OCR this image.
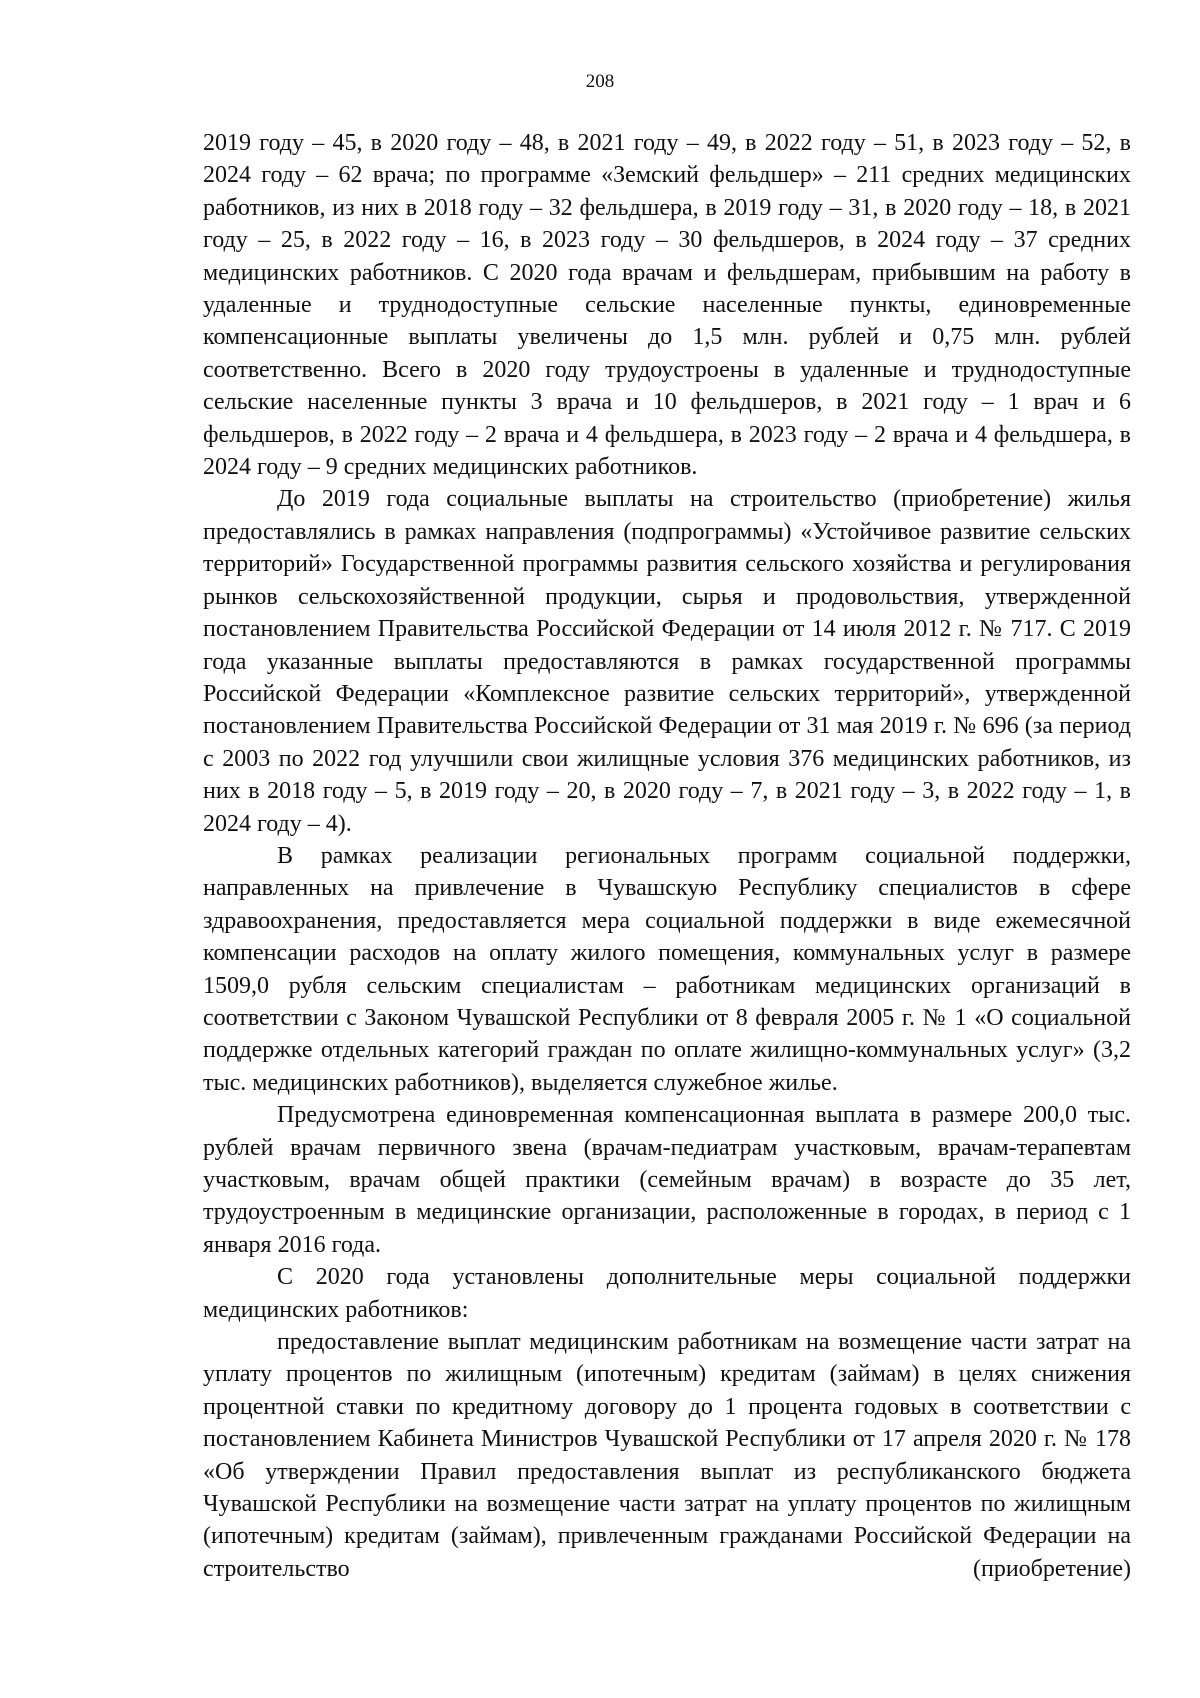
208

2019 году – 45, в 2020 году – 48, в 2021 году – 49, в 2022 году – 51, в 2023 году – 52, в 2024 году – 62 врача; по программе «Земский фельдшер» – 211 средних медицинских работников, из них в 2018 году – 32 фельдшера, в 2019 году – 31, в 2020 году – 18, в 2021 году – 25, в 2022 году – 16, в 2023 году – 30 фельдшеров, в 2024 году – 37 средних медицинских работников. С 2020 года врачам и фельдшерам, прибывшим на работу в удаленные и труднодоступные сельские населенные пункты, единовременные компенсационные выплаты увеличены до 1,5 млн. рублей и 0,75 млн. рублей соответственно. Всего в 2020 году трудоустроены в удаленные и труднодоступные сельские населенные пункты 3 врача и 10 фельдшеров, в 2021 году – 1 врач и 6 фельдшеров, в 2022 году – 2 врача и 4 фельдшера, в 2023 году – 2 врача и 4 фельдшера, в 2024 году – 9 средних медицинских работников.

До 2019 года социальные выплаты на строительство (приобретение) жилья предоставлялись в рамках направления (подпрограммы) «Устойчивое развитие сельских территорий» Государственной программы развития сельского хозяйства и регулирования рынков сельскохозяйственной продукции, сырья и продовольствия, утвержденной постановлением Правительства Российской Федерации от 14 июля 2012 г. № 717. С 2019 года указанные выплаты предоставляются в рамках государственной программы Российской Федерации «Комплексное развитие сельских территорий», утвержденной постановлением Правительства Российской Федерации от 31 мая 2019 г. № 696 (за период с 2003 по 2022 год улучшили свои жилищные условия 376 медицинских работников, из них в 2018 году – 5, в 2019 году – 20, в 2020 году – 7, в 2021 году – 3, в 2022 году – 1, в 2024 году – 4).

В рамках реализации региональных программ социальной поддержки, направленных на привлечение в Чувашскую Республику специалистов в сфере здравоохранения, предоставляется мера социальной поддержки в виде ежемесячной компенсации расходов на оплату жилого помещения, коммунальных услуг в размере 1509,0 рубля сельским специалистам – работникам медицинских организаций в соответствии с Законом Чувашской Республики от 8 февраля 2005 г. № 1 «О социальной поддержке отдельных категорий граждан по оплате жилищно-коммунальных услуг» (3,2 тыс. медицинских работников), выделяется служебное жилье.

Предусмотрена единовременная компенсационная выплата в размере 200,0 тыс. рублей врачам первичного звена (врачам-педиатрам участковым, врачам-терапевтам участковым, врачам общей практики (семейным врачам) в возрасте до 35 лет, трудоустроенным в медицинские организации, расположенные в городах, в период с 1 января 2016 года.

С 2020 года установлены дополнительные меры социальной поддержки медицинских работников:

предоставление выплат медицинским работникам на возмещение части затрат на уплату процентов по жилищным (ипотечным) кредитам (займам) в целях снижения процентной ставки по кредитному договору до 1 процента годовых в соответствии с постановлением Кабинета Министров Чувашской Республики от 17 апреля 2020 г. № 178 «Об утверждении Правил предоставления выплат из республиканского бюджета Чувашской Республики на возмещение части затрат на уплату процентов по жилищным (ипотечным) кредитам (займам), привлеченным гражданами Российской Федерации на строительство (приобретение)
